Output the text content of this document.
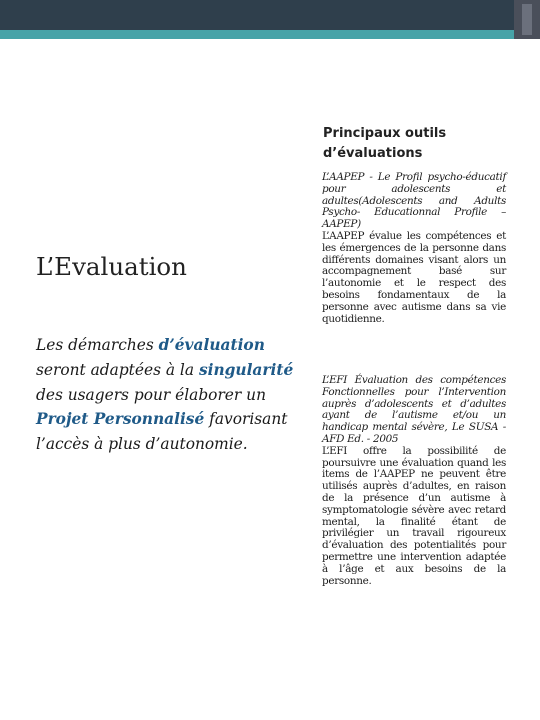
Principaux outils d’évaluations
L’AAPEP - Le Profil psycho-éducatif pour adolescents et adultes(Adolescents and Adults Psycho- Educationnal Profile – AAPEP)
L’AAPEP évalue les compétences et les émergences de la personne dans différents domaines visant alors un accompagnement basé sur l’autonomie et le respect des besoins fondamentaux de la personne avec autisme dans sa vie quotidienne.
L’EFI Évaluation des compétences Fonctionnelles pour l’Intervention auprès d’adolescents et d’adultes ayant de l’autisme et/ou un handicap mental sévère, Le SUSA - AFD Ed. - 2005
L’EFI offre la possibilité de poursuivre une évaluation quand les items de l’AAPEP ne peuvent être utilisés auprès d’adultes, en raison de la présence d’un autisme à symptomatologie sévère avec retard mental, la finalité étant de privilégier un travail rigoureux d’évaluation des potentialités pour permettre une intervention adaptée à l’âge et aux besoins de la personne.
L’Evaluation
Les démarches d’évaluation seront adaptées à la singularité des usagers pour élaborer un Projet Personnalisé favorisant l’accès à plus d’autonomie.
